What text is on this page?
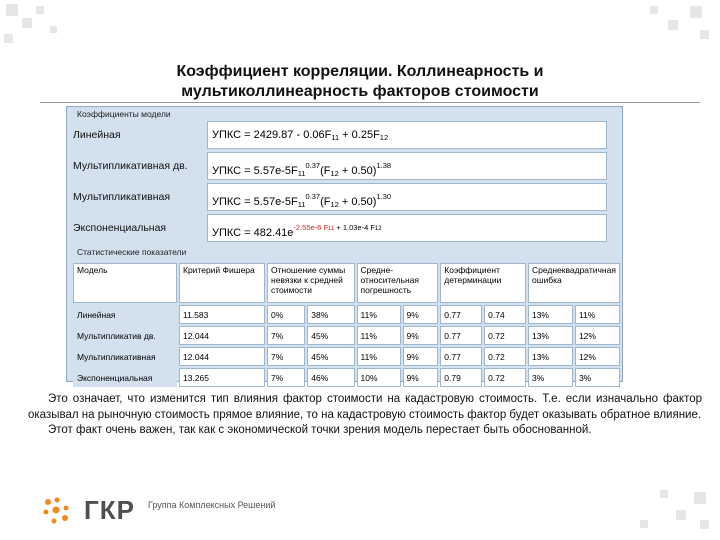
Коэффициент корреляции. Коллинеарность и
мультиколлинеарность факторов стоимости
Коэффициенты модели
Линейная	УПКС = $2429.87 - 0.06F_{11} + 0.25F_{12}$
Мультипликативная дв.	УПКС = $5.57e-5F_{11}^{0.37}(F_{12} + 0.50)^{1.38}$
Мультипликативная	УПКС = $5.57e-5F_{11}^{0.37}(F_{12} + 0.50)^{1.30}$
Экспоненциальная	УПКС = $482.41e^{-2.55e-6 F11 + 1.03e-4 F12}$
Статистические показатели
Модель	Критерий Фишера	Отношение суммы невязки к средней стоимости		Средне-относительная погрешность		Коэффициент детерминации		Среднеквадратичная ошибка	
Линейная	11.583	0%	38%	11%	9%	0.77	0.74	13%	11%
Мультипликатив дв.	12.044	7%	45%	11%	9%	0.77	0.72	13%	12%
Мультипликативная	12.044	7%	45%	11%	9%	0.77	0.72	13%	12%
Экспоненциальная	13.265	7%	46%	10%	9%	0.79	0.72	3%	3%

Это означает, что изменится тип влияния фактор стоимости на кадастровую стоимость. Т.е. если изначально фактор оказывал на рыночную стоимость прямое влияние, то на кадастровую стоимость фактор будет оказывать обратное влияние.

Этот факт очень важен, так как с экономической точки зрения модель перестает быть обоснованной.

ГКР Группа Комплексных Решений
